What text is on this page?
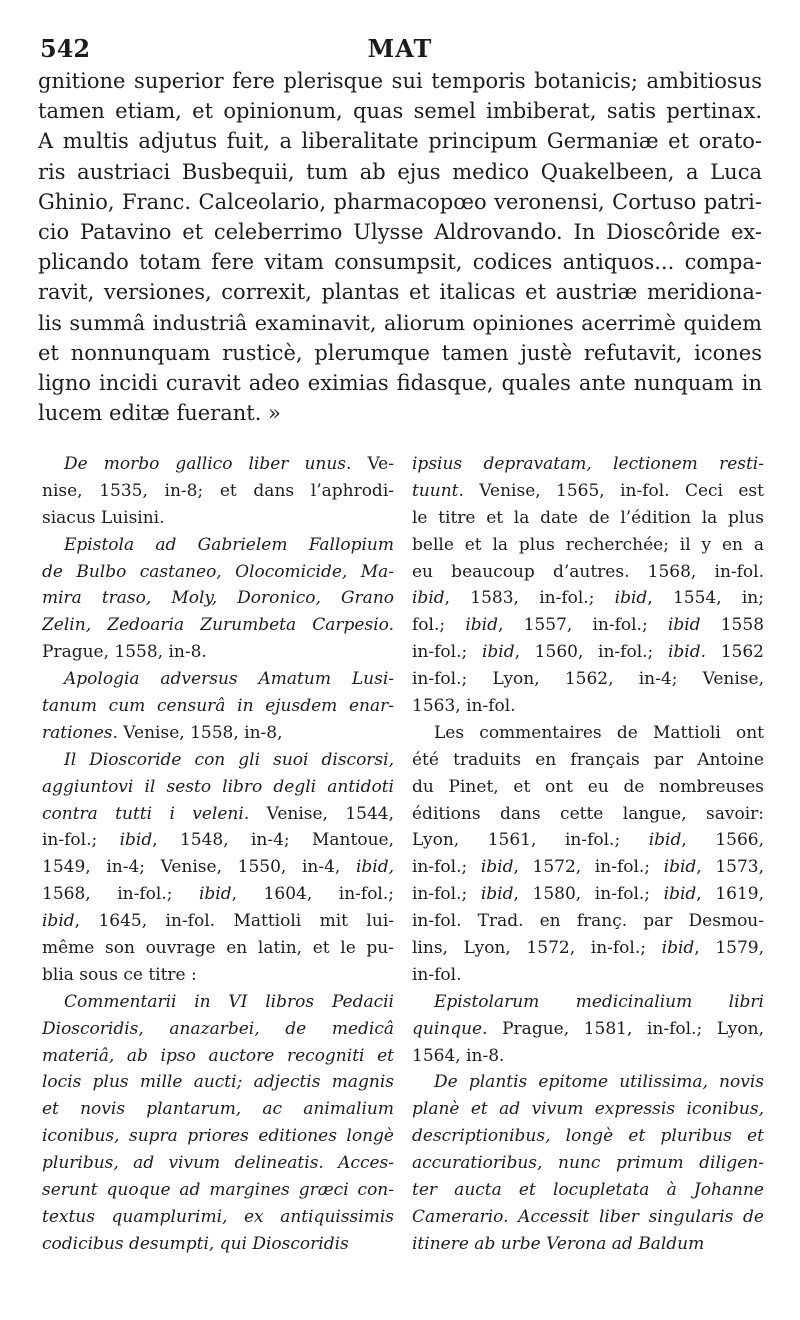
542	MAT
gnitione superior fere plerisque sui temporis botanicis; ambitiosus
tamen etiam, et opinionum, quas semel imbiberat, satis pertinax.
A multis adjutus fuit, a liberalitate principum Germaniæ et orato-
ris austriaci Busbequii, tum ab ejus medico Quakelbeen, a Luca
Ghinio, Franc. Calceolario, pharmacopœo veronensi, Cortuso patri-
cio Patavino et celeberrimo Ulysse Aldrovando. In Dioscôride ex-
plicando totam fere vitam consumpsit, codices antiquos... compa-
ravit, versiones, correxit, plantas et italicas et austriæ meridiona-
lis summâ industriâ examinavit, aliorum opiniones acerrimè quidem
et nonnunquam rusticè, plerumque tamen justè refutavit, icones
ligno incidi curavit adeo eximias fidasque, quales ante nunquam in
lucem editæ fuerant. »
De morbo gallico liber unus. Ve-
nise, 1535, in-8; et dans l’aphrodi-
siacus Luisini.
Epistola ad Gabrielem Fallopium
de Bulbo castaneo, Olocomicide, Ma-
mira traso, Moly, Doronico, Grano
Zelin, Zedoaria Zurumbeta Carpesio.
Prague, 1558, in-8.
Apologia adversus Amatum Lusi-
tanum cum censurâ in ejusdem enar-
rationes. Venise, 1558, in-8,
Il Dioscoride con gli suoi discorsi,
aggiuntovi il sesto libro degli antidoti
contra tutti i veleni. Venise, 1544,
in-fol.; ibid, 1548, in-4; Mantoue,
1549, in-4; Venise, 1550, in-4, ibid,
1568, in-fol.; ibid, 1604, in-fol.;
ibid, 1645, in-fol. Mattioli mit lui-
même son ouvrage en latin, et le pu-
blia sous ce titre :
Commentarii in VI libros Pedacii
Dioscoridis, anazarbei, de medicâ
materiâ, ab ipso auctore recogniti et
locis plus mille aucti; adjectis magnis
et novis plantarum, ac animalium
iconibus, supra priores editiones longè
pluribus, ad vivum delineatis. Acces-
serunt quoque ad margines græci con-
textus quamplurimi, ex antiquissimis
codicibus desumpti, qui Dioscoridis
ipsius depravatam, lectionem resti-
tuunt. Venise, 1565, in-fol. Ceci est
le titre et la date de l’édition la plus
belle et la plus recherchée; il y en a
eu beaucoup d’autres. 1568, in-fol.
ibid, 1583, in-fol.; ibid, 1554, in;
fol.; ibid, 1557, in-fol.; ibid 1558
in-fol.; ibid, 1560, in-fol.; ibid. 1562
in-fol.; Lyon, 1562, in-4; Venise,
1563, in-fol.
Les commentaires de Mattioli ont
été traduits en français par Antoine
du Pinet, et ont eu de nombreuses
éditions dans cette langue, savoir:
Lyon, 1561, in-fol.; ibid, 1566,
in-fol.; ibid, 1572, in-fol.; ibid, 1573,
in-fol.; ibid, 1580, in-fol.; ibid, 1619,
in-fol. Trad. en franç. par Desmou-
lins, Lyon, 1572, in-fol.; ibid, 1579,
in-fol.
Epistolarum medicinalium libri
quinque. Prague, 1581, in-fol.; Lyon,
1564, in-8.
De plantis epitome utilissima, novis
planè et ad vivum expressis iconibus,
descriptionibus, longè et pluribus et
accuratioribus, nunc primum diligen-
ter aucta et locupletata à Johanne
Camerario. Accessit liber singularis de
itinere ab urbe Verona ad Baldum
